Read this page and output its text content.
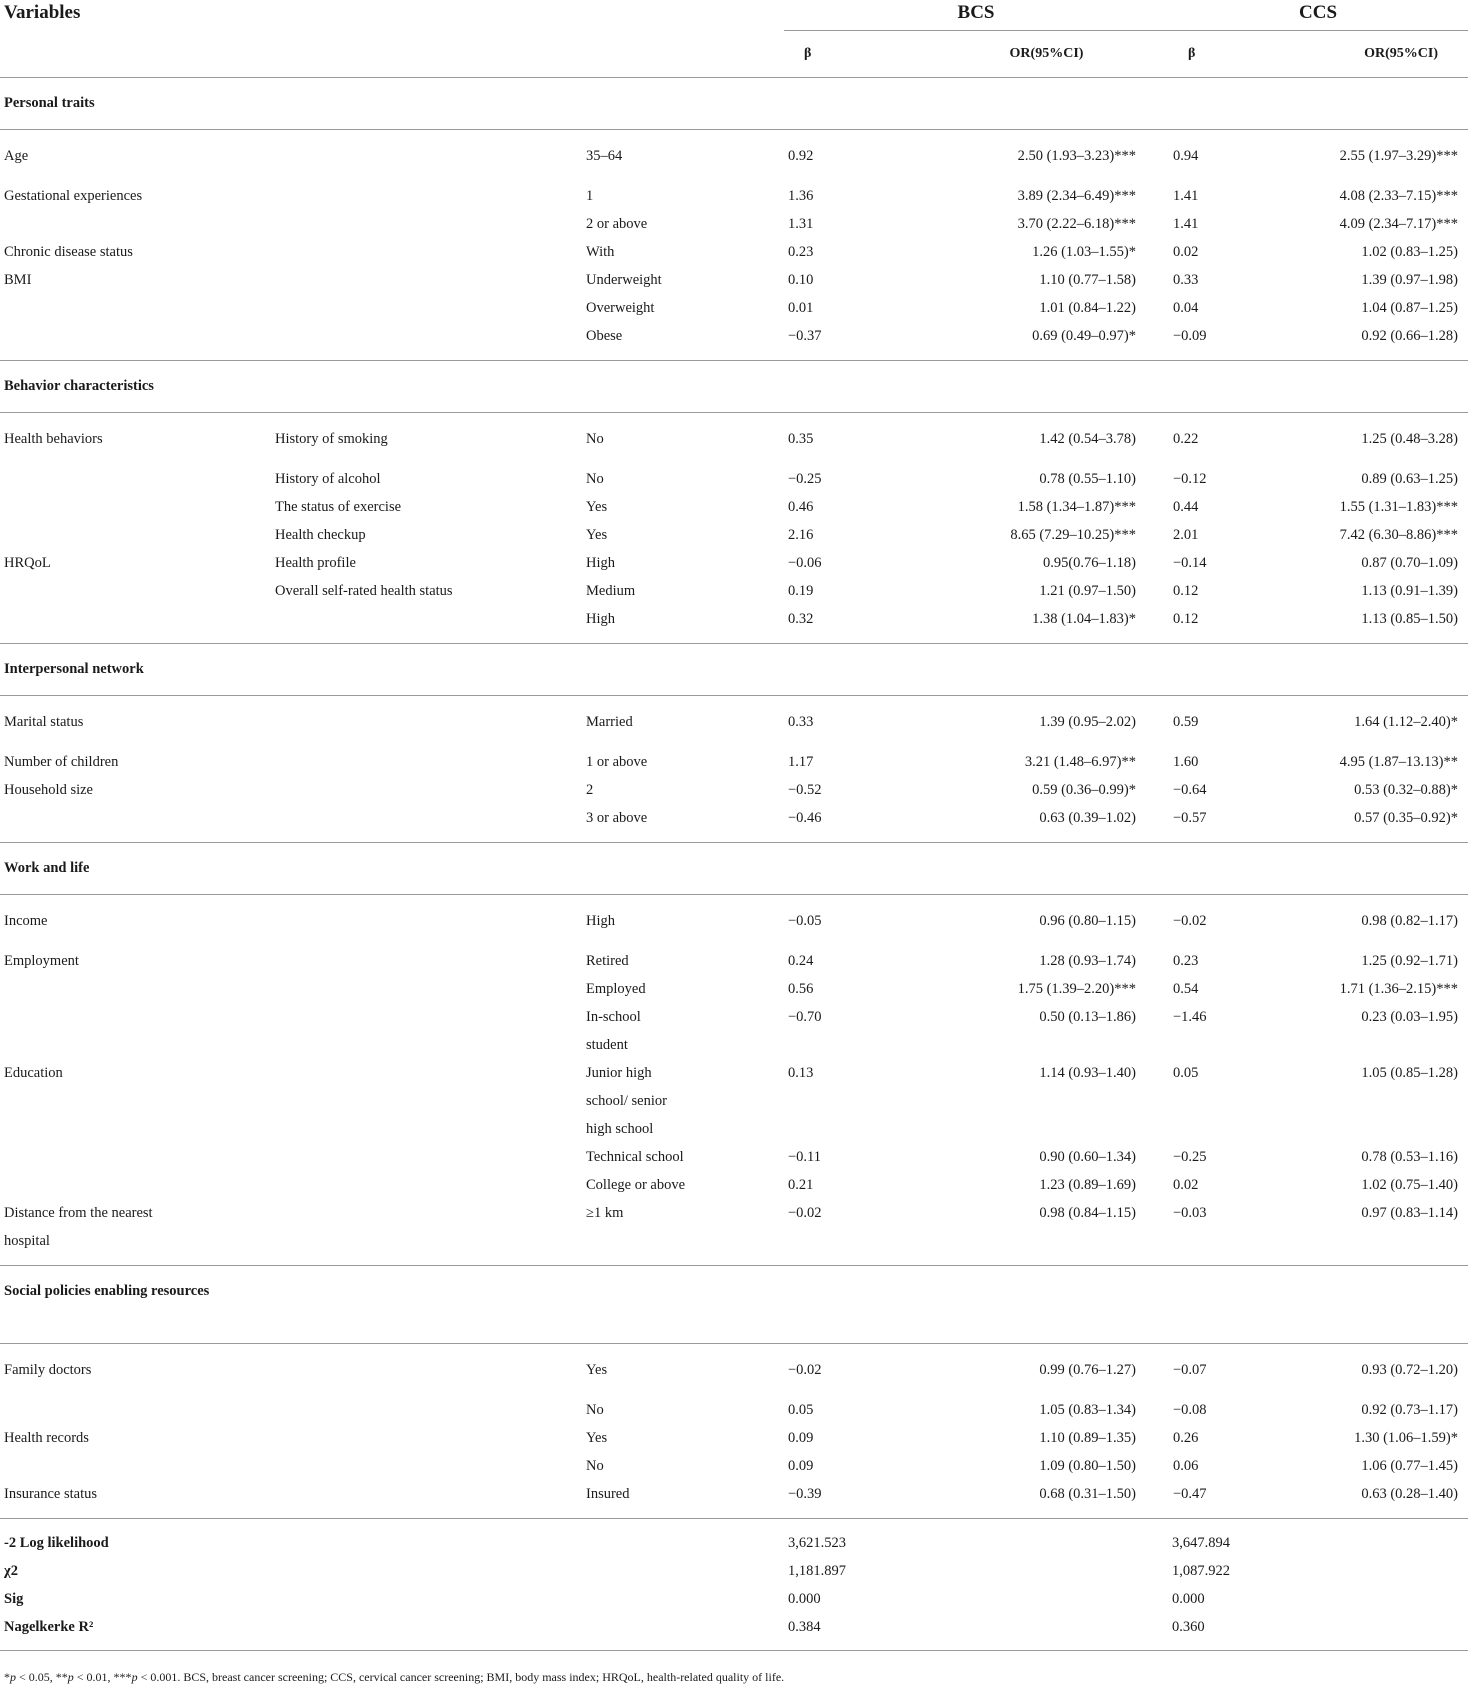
Variables			BCS		CCS	
			β	OR(95%CI)	β	OR(95%CI)
Personal traits						

Age		35–64	0.92	2.50 (1.93–3.23)***	0.94	2.55 (1.97–3.29)***

Gestational experiences		1	1.36	3.89 (2.34–6.49)***	1.41	4.08 (2.33–7.15)***

		2 or above	1.31	3.70 (2.22–6.18)***	1.41	4.09 (2.34–7.17)***

Chronic disease status		With	0.23	1.26 (1.03–1.55)*	0.02	1.02 (0.83–1.25)

BMI		Underweight	0.10	1.10 (0.77–1.58)	0.33	1.39 (0.97–1.98)

		Overweight	0.01	1.01 (0.84–1.22)	0.04	1.04 (0.87–1.25)

		Obese	−0.37	0.69 (0.49–0.97)*	−0.09	0.92 (0.66–1.28)
Behavior characteristics						

Health behaviors	History of smoking	No	0.35	1.42 (0.54–3.78)	0.22	1.25 (0.48–3.28)

	History of alcohol	No	−0.25	0.78 (0.55–1.10)	−0.12	0.89 (0.63–1.25)

	The status of exercise	Yes	0.46	1.58 (1.34–1.87)***	0.44	1.55 (1.31–1.83)***

	Health checkup	Yes	2.16	8.65 (7.29–10.25)***	2.01	7.42 (6.30–8.86)***

HRQoL	Health profile	High	−0.06	0.95(0.76–1.18)	−0.14	0.87 (0.70–1.09)

	Overall self-rated health status	Medium	0.19	1.21 (0.97–1.50)	0.12	1.13 (0.91–1.39)

		High	0.32	1.38 (1.04–1.83)*	0.12	1.13 (0.85–1.50)
Interpersonal network						

Marital status		Married	0.33	1.39 (0.95–2.02)	0.59	1.64 (1.12–2.40)*

Number of children		1 or above	1.17	3.21 (1.48–6.97)**	1.60	4.95 (1.87–13.13)**

Household size		2	−0.52	0.59 (0.36–0.99)*	−0.64	0.53 (0.32–0.88)*

		3 or above	−0.46	0.63 (0.39–1.02)	−0.57	0.57 (0.35–0.92)*
Work and life						

Income		High	−0.05	0.96 (0.80–1.15)	−0.02	0.98 (0.82–1.17)

Employment		Retired	0.24	1.28 (0.93–1.74)	0.23	1.25 (0.92–1.71)

		Employed	0.56	1.75 (1.39–2.20)***	0.54	1.71 (1.36–2.15)***

		In-school student	−0.70	0.50 (0.13–1.86)	−1.46	0.23 (0.03–1.95)

Education		Junior high school/ senior high school	0.13	1.14 (0.93–1.40)	0.05	1.05 (0.85–1.28)

		Technical school	−0.11	0.90 (0.60–1.34)	−0.25	0.78 (0.53–1.16)

		College or above	0.21	1.23 (0.89–1.69)	0.02	1.02 (0.75–1.40)

Distance from the nearest hospital		≥1 km	−0.02	0.98 (0.84–1.15)	−0.03	0.97 (0.83–1.14)
Social policies enabling resources						

Family doctors		Yes	−0.02	0.99 (0.76–1.27)	−0.07	0.93 (0.72–1.20)

		No	0.05	1.05 (0.83–1.34)	−0.08	0.92 (0.73–1.17)

Health records		Yes	0.09	1.10 (0.89–1.35)	0.26	1.30 (1.06–1.59)*

		No	0.09	1.09 (0.80–1.50)	0.06	1.06 (0.77–1.45)

Insurance status		Insured	−0.39	0.68 (0.31–1.50)	−0.47	0.63 (0.28–1.40)
-2 Log likelihood			3,621.523		3,647.894	
χ2			1,181.897		1,087.922	
Sig			0.000		0.000	
Nagelkerke R²			0.384		0.360	
*p < 0.05, **p < 0.01, ***p < 0.001. BCS, breast cancer screening; CCS, cervical cancer screening; BMI, body mass index; HRQoL, health-related quality of life.
